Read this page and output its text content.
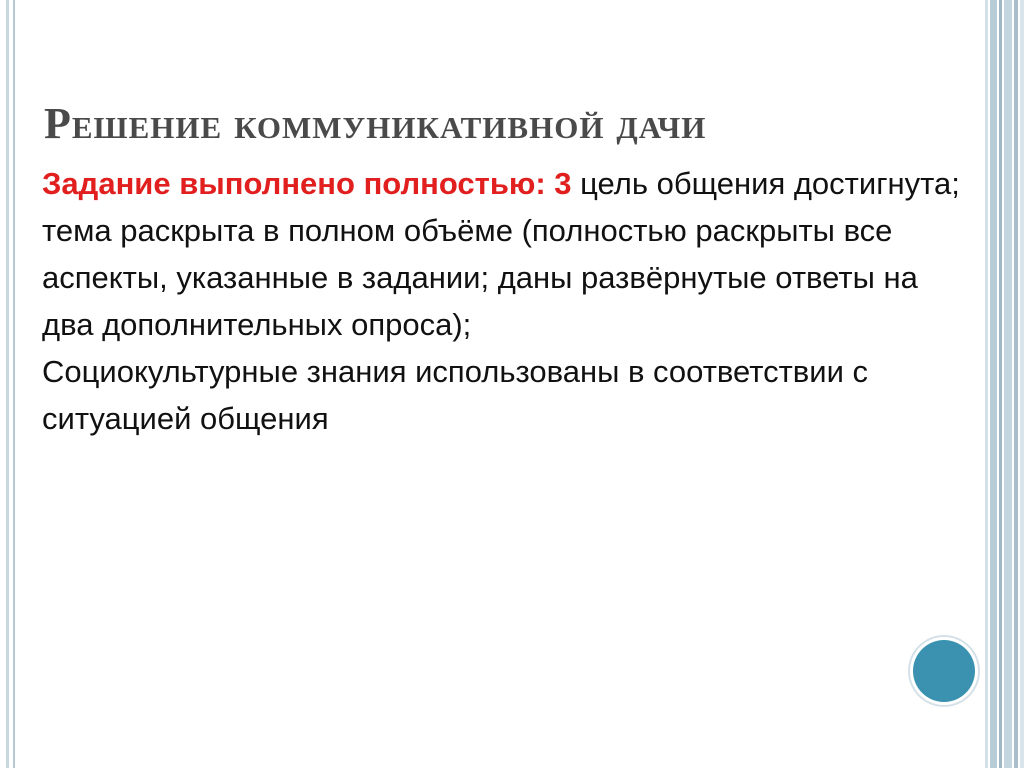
Решение коммуникативной дачи
Задание выполнено полностью: 3 цель общения достигнута; тема раскрыта в полном объёме (полностью раскрыты все аспекты, указанные в задании; даны развёрнутые ответы на два дополнительных опроса);
Социокультурные знания использованы в соответствии с ситуацией общения
